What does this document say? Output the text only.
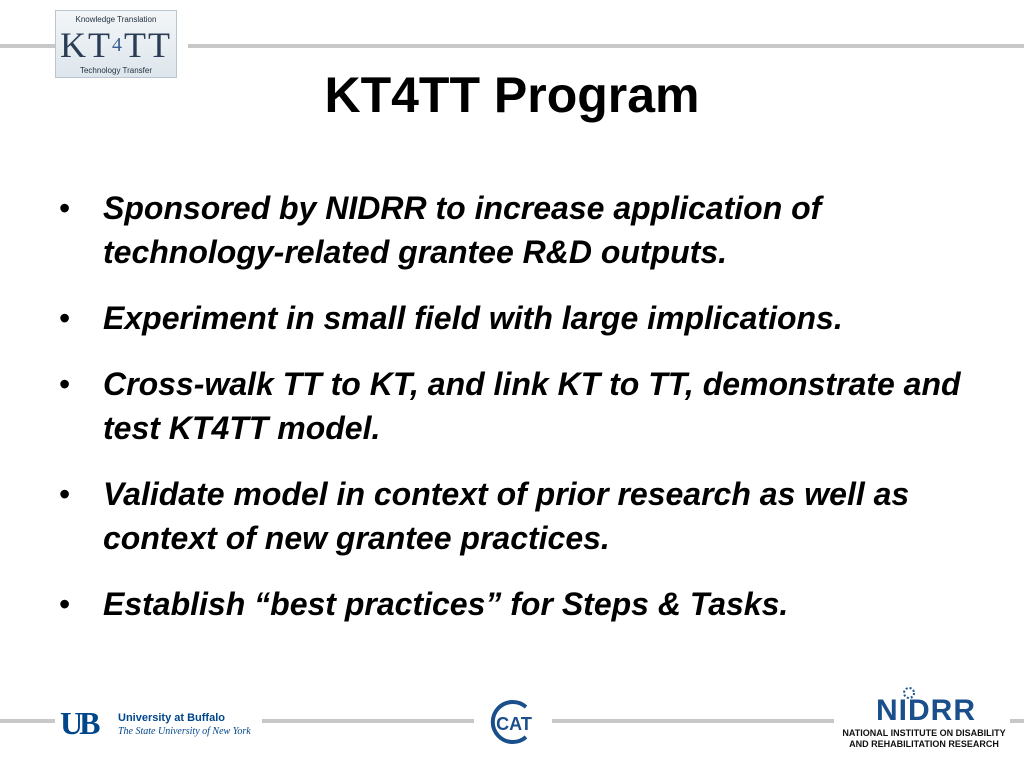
Knowledge Translation
KT4TT
Technology Transfer	KT4TT Program
• Sponsored by NIDRR to increase application of technology-related grantee R&D outputs.
• Experiment in small field with large implications.
• Cross-walk TT to KT, and link KT to TT, demonstrate and test KT4TT model.
• Validate model in context of prior research as well as context of new grantee practices.
• Establish “best practices” for Steps & Tasks.
UB	University at Buffalo
The State University of New York	CAT	NIDRR
NATIONAL INSTITUTE ON DISABILITY
AND REHABILITATION RESEARCH
